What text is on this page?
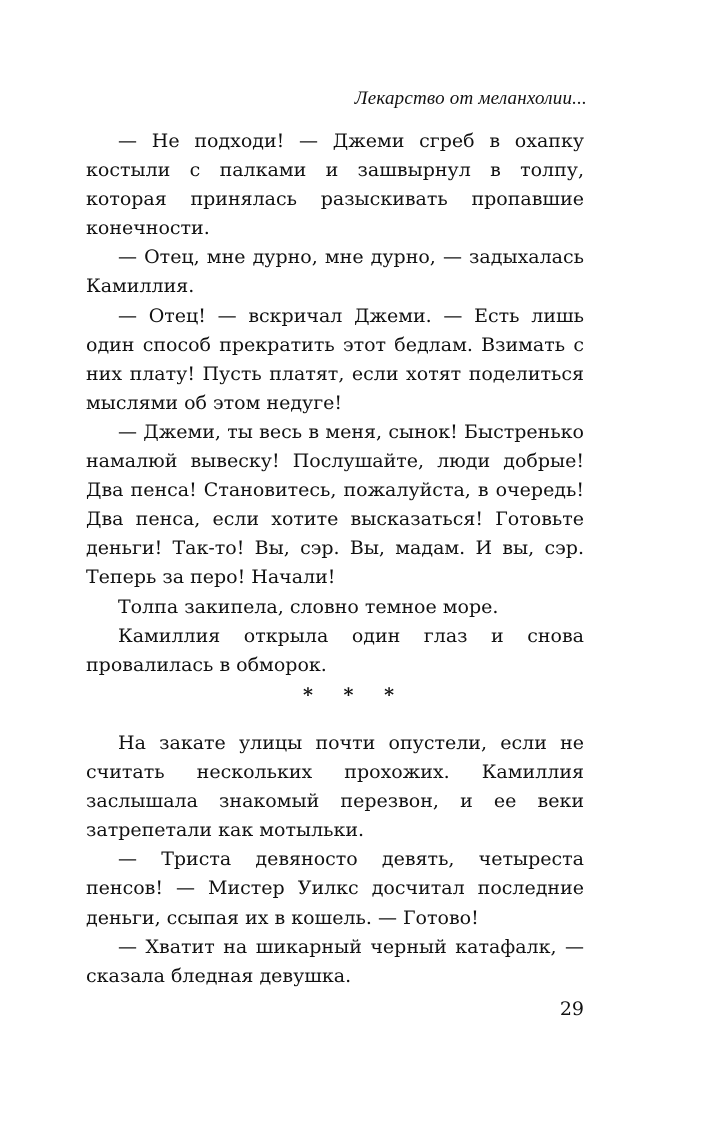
Лекарство от меланхолии...

— Не подходи! — Джеми сгреб в охапку костыли с палками и зашвырнул в толпу, которая принялась разыскивать пропавшие конечности.

— Отец, мне дурно, мне дурно, — задыхалась Камиллия.

— Отец! — вскричал Джеми. — Есть лишь один способ прекратить этот бедлам. Взимать с них плату! Пусть платят, если хотят поделиться мыслями об этом недуге!

— Джеми, ты весь в меня, сынок! Быстренько намалюй вывеску! Послушайте, люди добрые! Два пенса! Становитесь, пожалуйста, в очередь! Два пенса, если хотите высказаться! Готовьте деньги! Так-то! Вы, сэр. Вы, мадам. И вы, сэр. Теперь за перо! Начали!

Толпа закипела, словно темное море.

Камиллия открыла один глаз и снова провалилась в обморок.

* * *

На закате улицы почти опустели, если не считать нескольких прохожих. Камиллия заслышала знакомый перезвон, и ее веки затрепетали как мотыльки.

— Триста девяносто девять, четыреста пенсов! — Мистер Уилкс досчитал последние деньги, ссыпая их в кошель. — Готово!

— Хватит на шикарный черный катафалк, — сказала бледная девушка.

29
